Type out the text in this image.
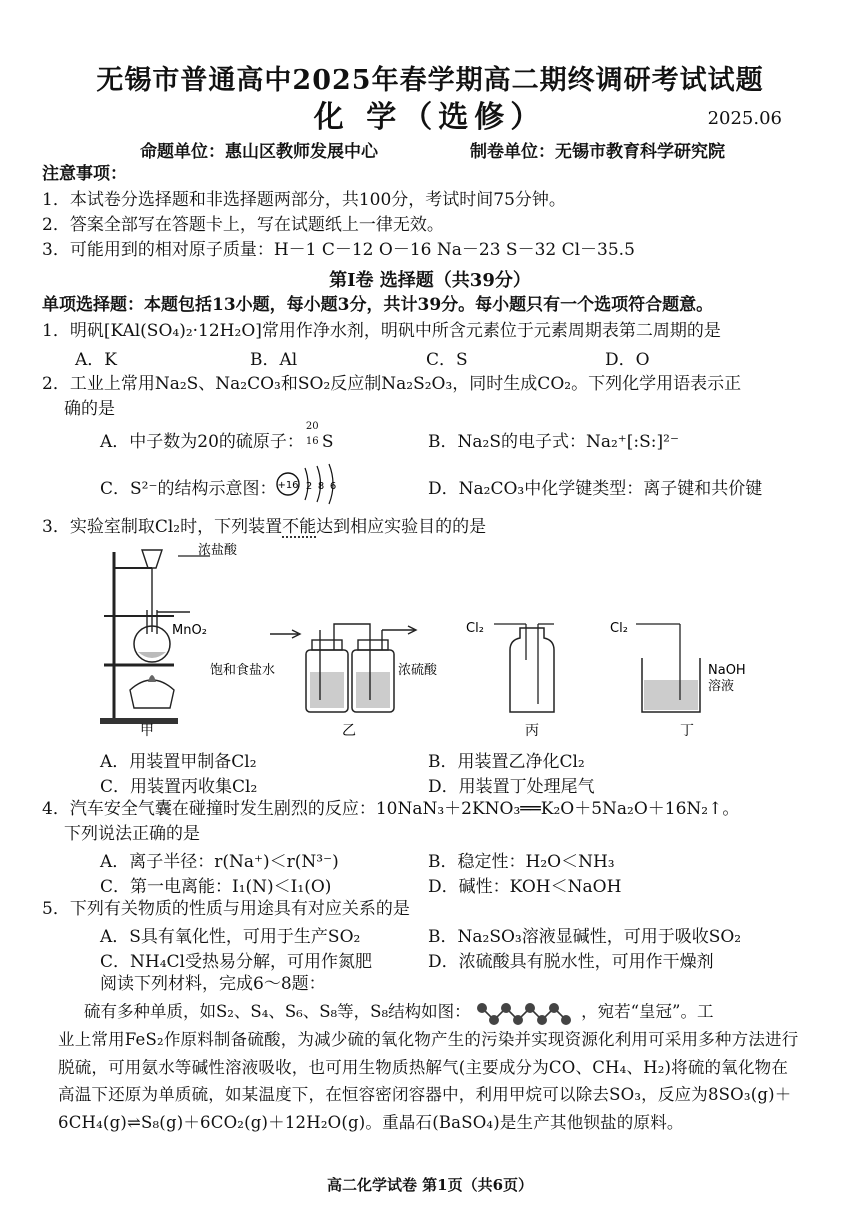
无锡市普通高中2025年春学期高二期终调研考试试题
化 学（选修）	2025.06
命题单位：惠山区教师发展中心	制卷单位：无锡市教育科学研究院
注意事项：
1．本试卷分选择题和非选择题两部分，共100分，考试时间75分钟。
2．答案全部写在答题卡上，写在试题纸上一律无效。
3．可能用到的相对原子质量：H－1 C－12 O－16 Na－23 S－32 Cl－35.5
第Ⅰ卷 选择题（共39分）
单项选择题：本题包括13小题，每小题3分，共计39分。每小题只有一个选项符合题意。
1．明矾[KAl(SO₄)₂·12H₂O]常用作净水剂，明矾中所含元素位于元素周期表第二周期的是
A．K	B．Al	C．S	D．O
2．工业上常用Na₂S、Na₂CO₃和SO₂反应制Na₂S₂O₃，同时生成CO₂。下列化学用语表示正
确的是
A．中子数为20的硫原子：
20
16 S	B．Na₂S的电子式：Na₂⁺[:S:]²⁻
C．S²⁻的结构示意图： +16 2 8 6	D．Na₂CO₃中化学键类型：离子键和共价键
3．实验室制取Cl₂时，下列装置不能达到相应实验目的的是
浓盐酸
MnO₂
甲
饱和食盐水	浓硫酸
乙
Cl₂
丙
Cl₂
NaOH
溶液
丁
A．用装置甲制备Cl₂	B．用装置乙净化Cl₂
C．用装置丙收集Cl₂	D．用装置丁处理尾气
4．汽车安全气囊在碰撞时发生剧烈的反应：10NaN₃＋2KNO₃══K₂O＋5Na₂O＋16N₂↑。
下列说法正确的是
A．离子半径：r(Na⁺)＜r(N³⁻)	B．稳定性：H₂O＜NH₃
C．第一电离能：I₁(N)＜I₁(O)	D．碱性：KOH＜NaOH
5．下列有关物质的性质与用途具有对应关系的是
A．S具有氧化性，可用于生产SO₂	B．Na₂SO₃溶液显碱性，可用于吸收SO₂
C．NH₄Cl受热易分解，可用作氮肥	D．浓硫酸具有脱水性，可用作干燥剂
阅读下列材料，完成6～8题：
硫有多种单质，如S₂、S₄、S₆、S₈等，S₈结构如图：	，宛若“皇冠”。工
业上常用FeS₂作原料制备硫酸，为减少硫的氧化物产生的污染并实现资源化利用可采用多种方法进行脱硫，可用氨水等碱性溶液吸收，也可用生物质热解气(主要成分为CO、CH₄、H₂)将硫的氧化物在高温下还原为单质硫，如某温度下，在恒容密闭容器中，利用甲烷可以除去SO₃，反应为8SO₃(g)＋6CH₄(g)⇌S₈(g)＋6CO₂(g)＋12H₂O(g)。重晶石(BaSO₄)是生产其他钡盐的原料。
高二化学试卷 第1页（共6页）
